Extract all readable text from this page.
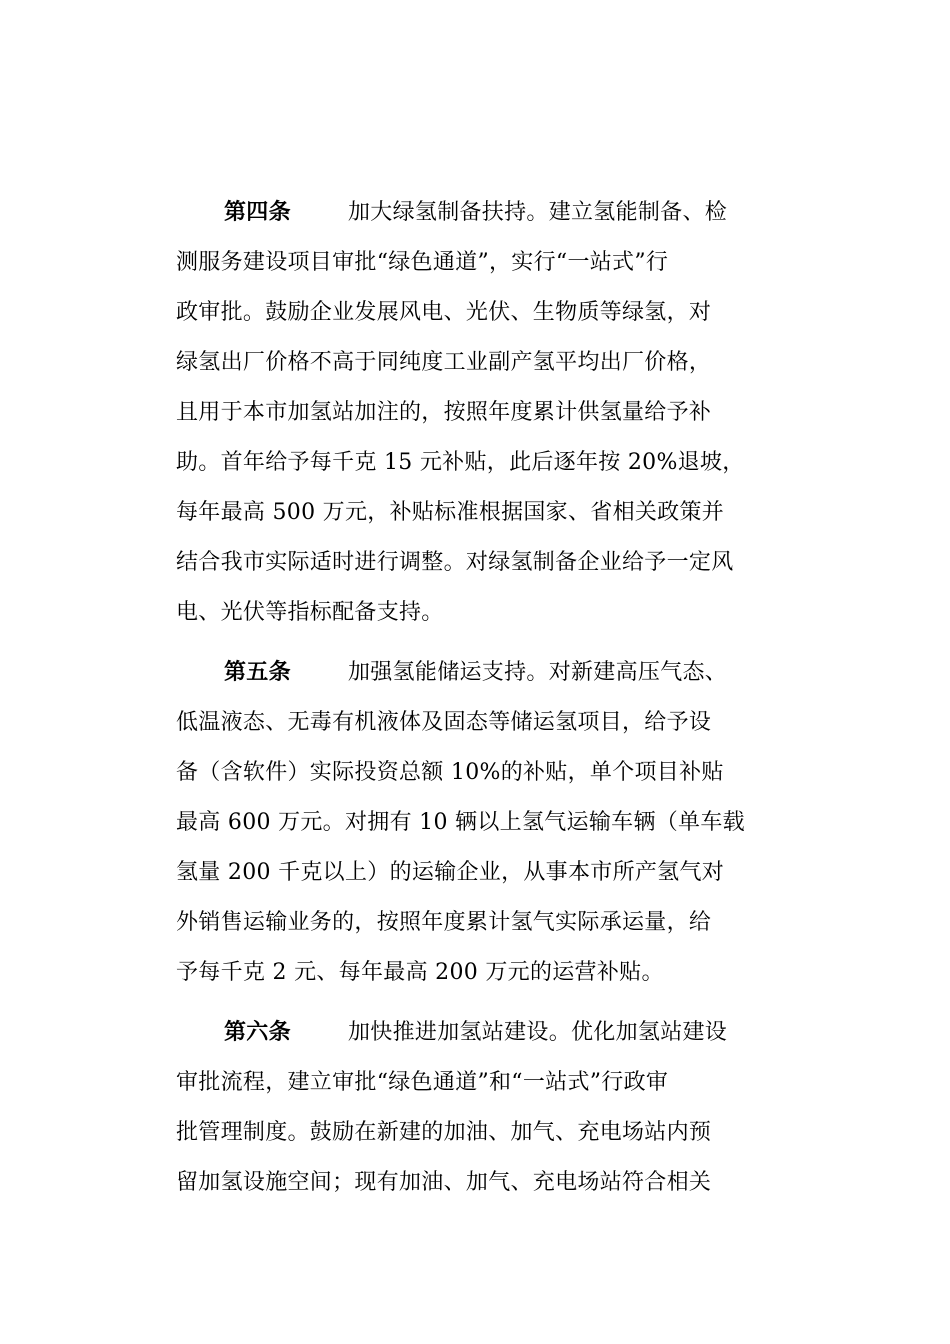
第四条	加大绿氢制备扶持。建立氢能制备、检
测服务建设项目审批“绿色通道”，实行“一站式”行
政审批。鼓励企业发展风电、光伏、生物质等绿氢，对
绿氢出厂价格不高于同纯度工业副产氢平均出厂价格，
且用于本市加氢站加注的，按照年度累计供氢量给予补
助。首年给予每千克 15 元补贴，此后逐年按 20%退坡，
每年最高 500 万元，补贴标准根据国家、省相关政策并
结合我市实际适时进行调整。对绿氢制备企业给予一定风
电、光伏等指标配备支持。
第五条	加强氢能储运支持。对新建高压气态、
低温液态、无毒有机液体及固态等储运氢项目，给予设
备（含软件）实际投资总额 10%的补贴，单个项目补贴
最高 600 万元。对拥有 10 辆以上氢气运输车辆（单车载
氢量 200 千克以上）的运输企业，从事本市所产氢气对
外销售运输业务的，按照年度累计氢气实际承运量，给
予每千克 2 元、每年最高 200 万元的运营补贴。
第六条	加快推进加氢站建设。优化加氢站建设
审批流程，建立审批“绿色通道”和“一站式”行政审
批管理制度。鼓励在新建的加油、加气、充电场站内预
留加氢设施空间；现有加油、加气、充电场站符合相关
